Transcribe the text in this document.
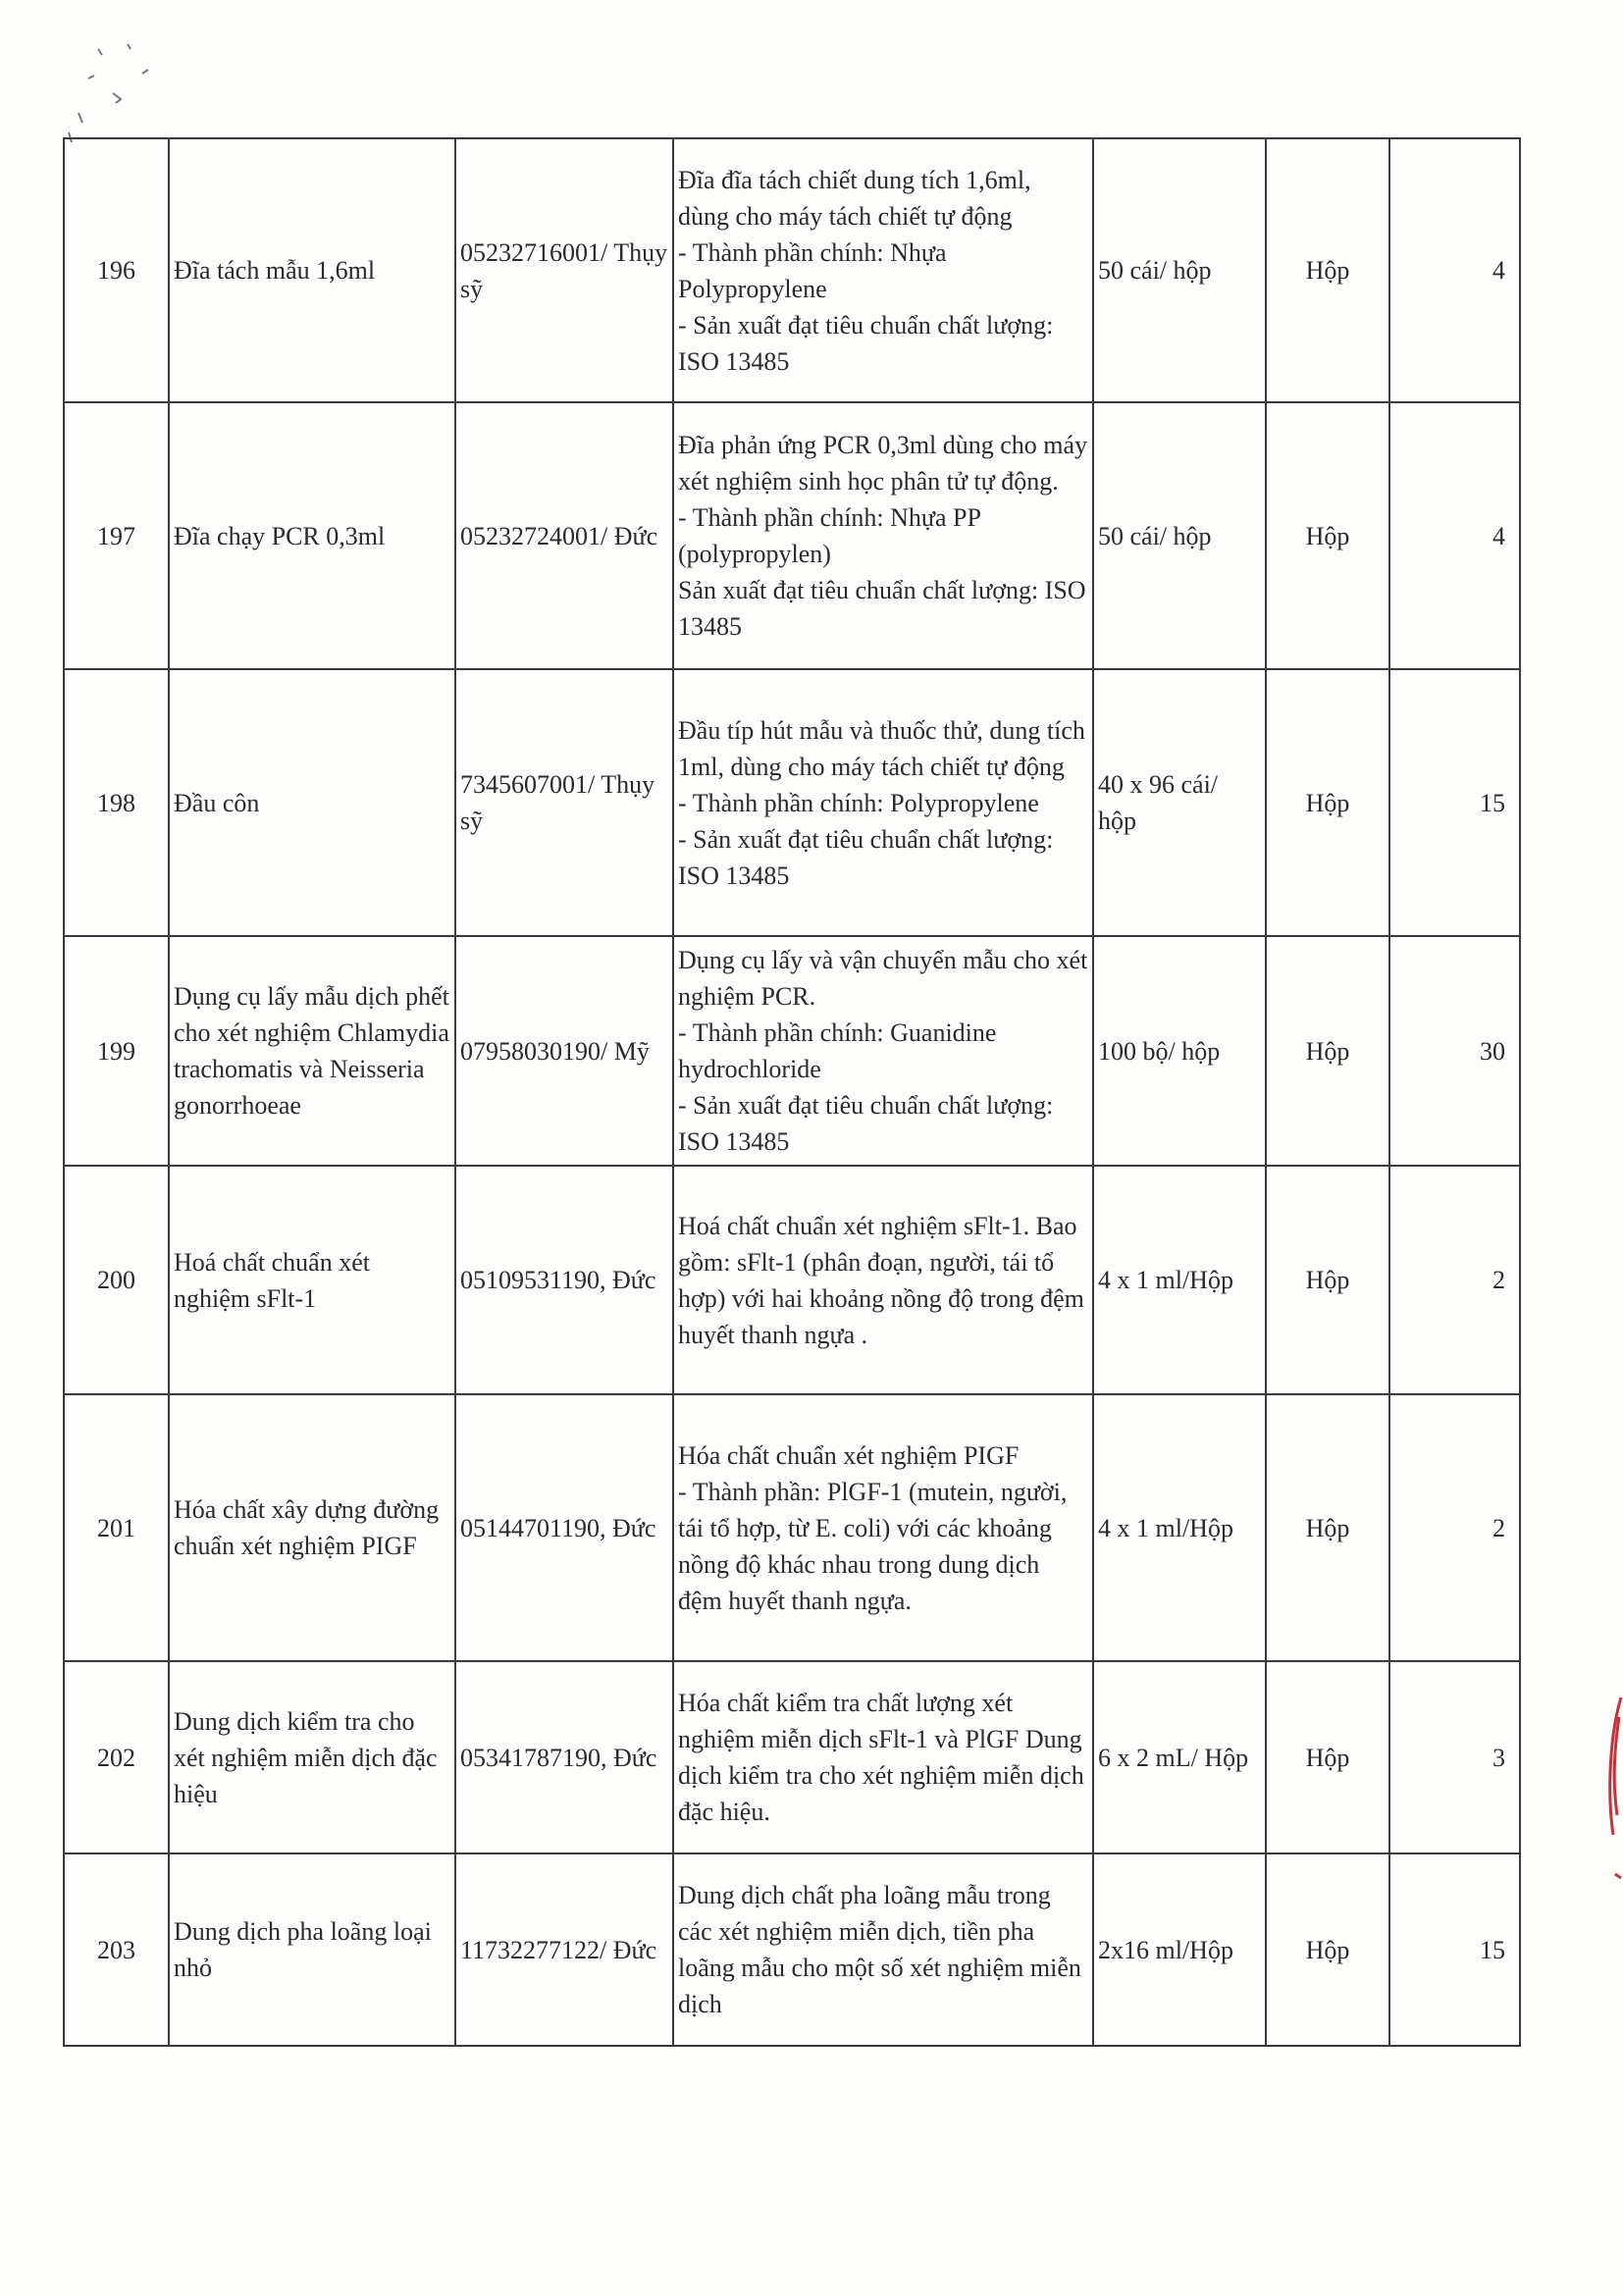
196	Đĩa tách mẫu 1,6ml	05232716001/ Thụy sỹ	Đĩa đĩa tách chiết dung tích 1,6ml, dùng cho máy tách chiết tự động
- Thành phần chính: Nhựa Polypropylene
- Sản xuất đạt tiêu chuẩn chất lượng: ISO 13485	50 cái/ hộp	Hộp	4
197	Đĩa chạy PCR 0,3ml	05232724001/ Đức	Đĩa phản ứng PCR 0,3ml dùng cho máy xét nghiệm sinh học phân tử tự động.
- Thành phần chính: Nhựa PP (polypropylen)
Sản xuất đạt tiêu chuẩn chất lượng: ISO 13485	50 cái/ hộp	Hộp	4
198	Đầu côn	7345607001/ Thụy sỹ	Đầu típ hút mẫu và thuốc thử, dung tích 1ml, dùng cho máy tách chiết tự động
- Thành phần chính: Polypropylene
- Sản xuất đạt tiêu chuẩn chất lượng: ISO 13485	40 x 96 cái/ hộp	Hộp	15
199	Dụng cụ lấy mẫu dịch phết cho xét nghiệm Chlamydia trachomatis và Neisseria gonorrhoeae	07958030190/ Mỹ	Dụng cụ lấy và vận chuyển mẫu cho xét nghiệm PCR.
- Thành phần chính: Guanidine hydrochloride
- Sản xuất đạt tiêu chuẩn chất lượng: ISO 13485	100 bộ/ hộp	Hộp	30
200	Hoá chất chuẩn xét nghiệm sFlt-1	05109531190, Đức	Hoá chất chuẩn xét nghiệm sFlt-1. Bao gồm: sFlt-1 (phân đoạn, người, tái tổ hợp) với hai khoảng nồng độ trong đệm huyết thanh ngựa .	4 x 1 ml/Hộp	Hộp	2
201	Hóa chất xây dựng đường chuẩn xét nghiệm PIGF	05144701190, Đức	Hóa chất chuẩn xét nghiệm PIGF
- Thành phần: PlGF-1 (mutein, người, tái tổ hợp, từ E. coli) với các khoảng nồng độ khác nhau trong dung dịch đệm huyết thanh ngựa.	4 x 1 ml/Hộp	Hộp	2
202	Dung dịch kiểm tra cho xét nghiệm miễn dịch đặc hiệu	05341787190, Đức	Hóa chất kiểm tra chất lượng xét nghiệm miễn dịch sFlt-1 và PlGF Dung dịch kiểm tra cho xét nghiệm miễn dịch đặc hiệu.	6 x 2 mL/ Hộp	Hộp	3
203	Dung dịch pha loãng loại nhỏ	11732277122/ Đức	Dung dịch chất pha loãng mẫu trong các xét nghiệm miễn dịch, tiền pha loãng mẫu cho một số xét nghiệm miễn dịch	2x16 ml/Hộp	Hộp	15
